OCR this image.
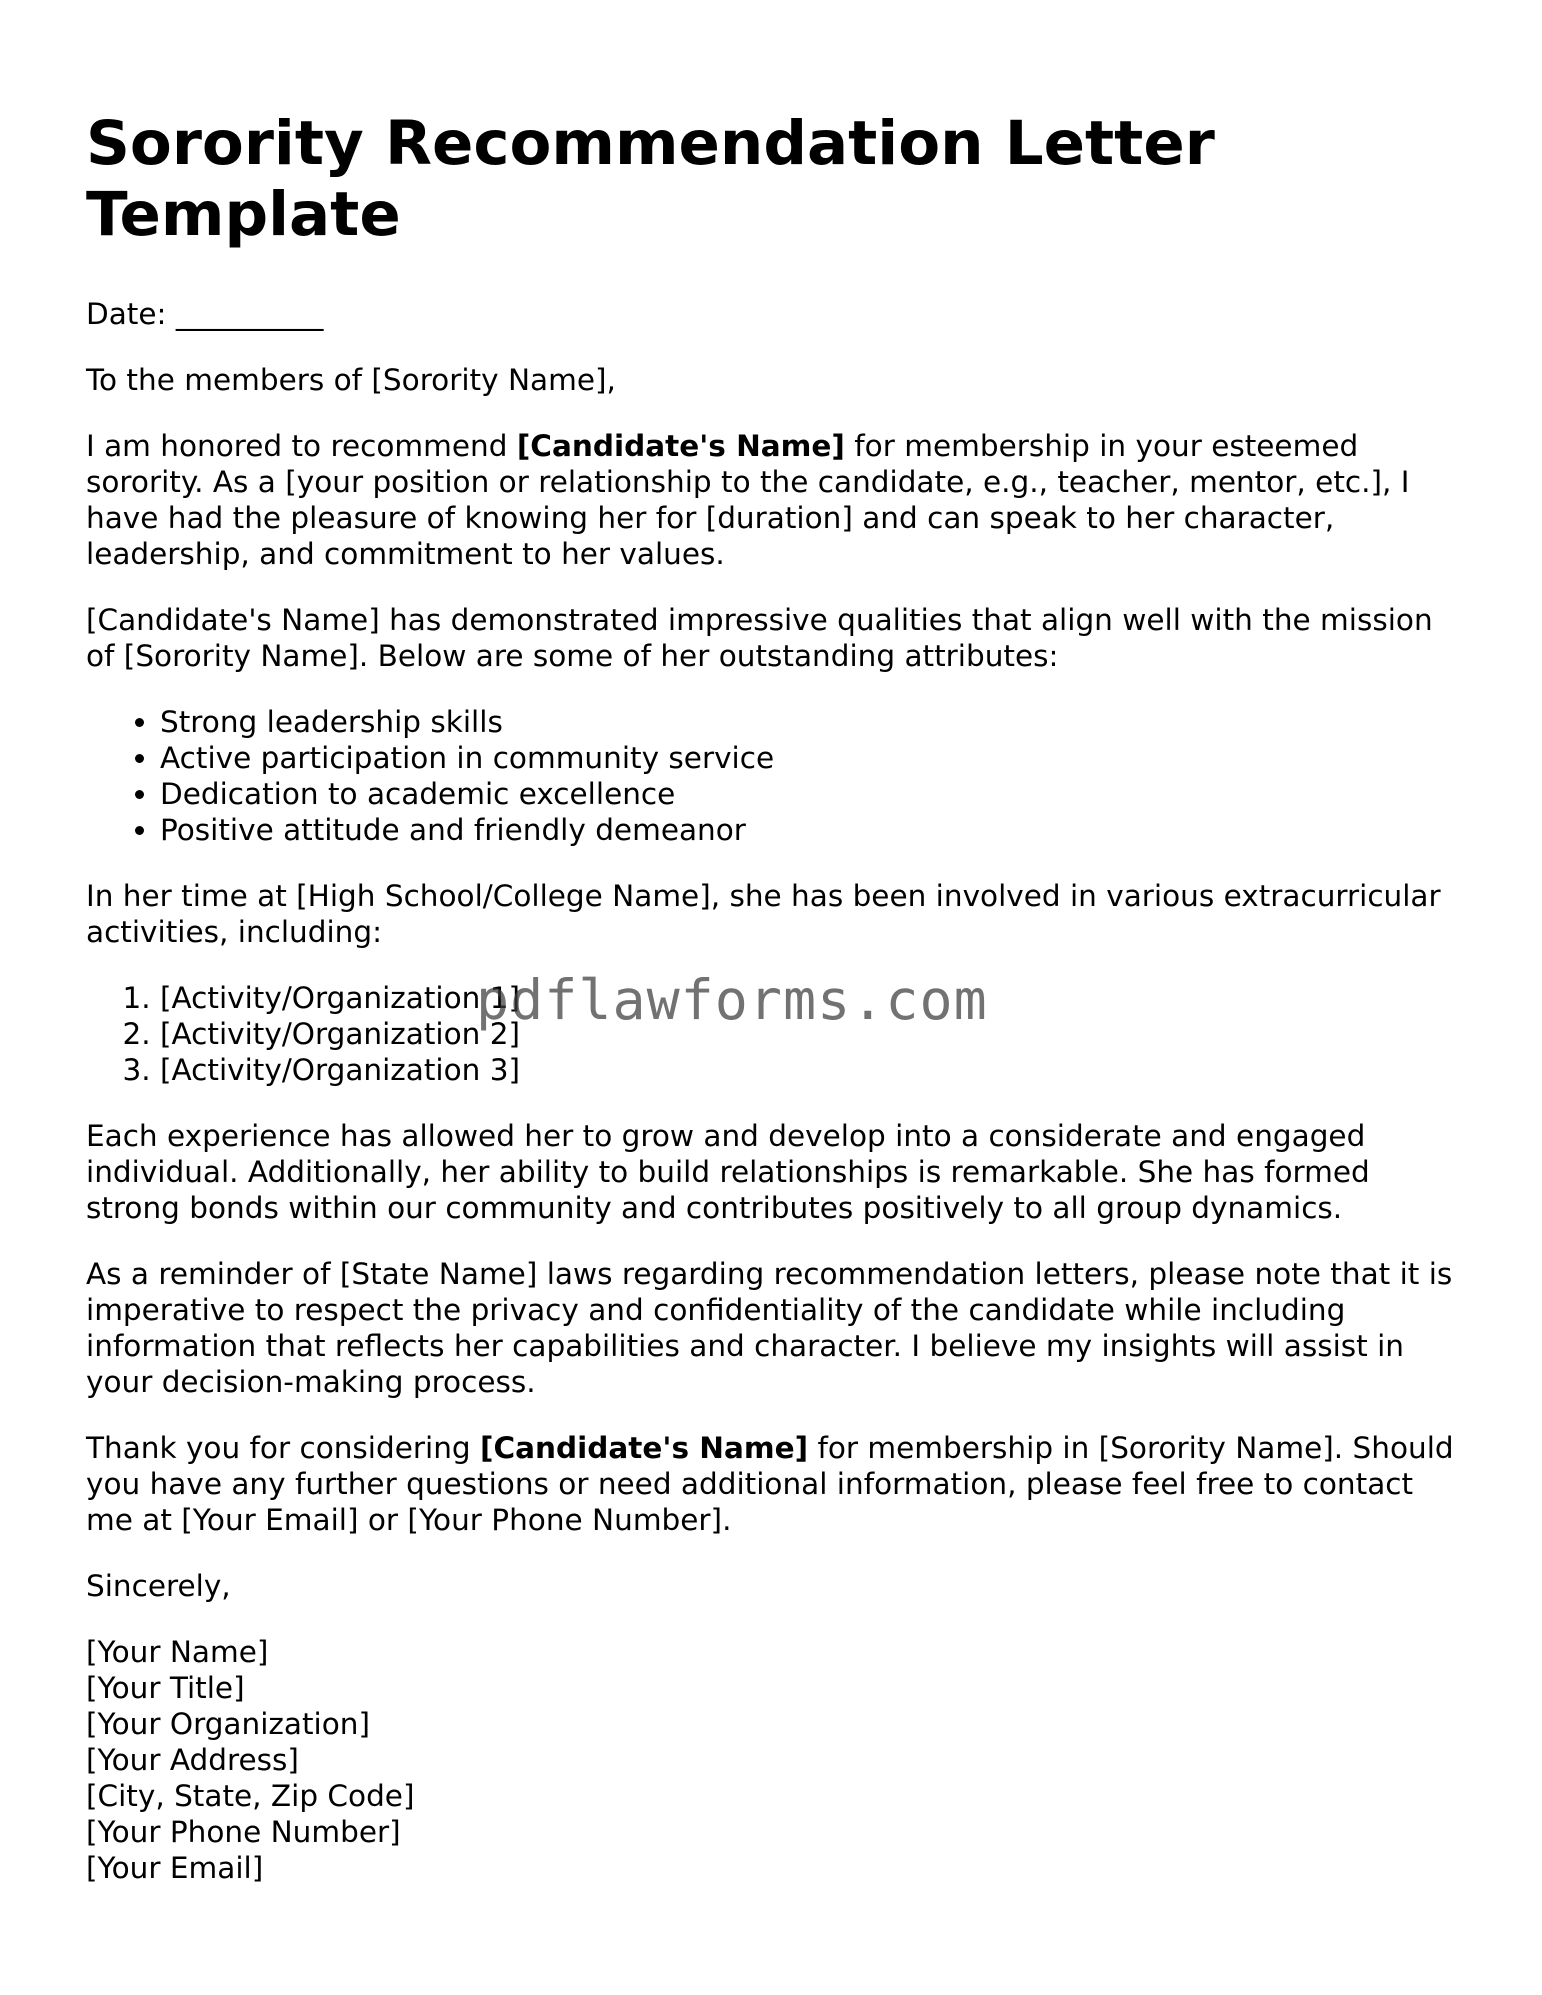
Sorority Recommendation Letter Template

Date: __________

To the members of [Sorority Name],

I am honored to recommend [Candidate's Name] for membership in your esteemed sorority. As a [your position or relationship to the candidate, e.g., teacher, mentor, etc.], I have had the pleasure of knowing her for [duration] and can speak to her character, leadership, and commitment to her values.

[Candidate's Name] has demonstrated impressive qualities that align well with the mission of [Sorority Name]. Below are some of her outstanding attributes:

• Strong leadership skills
• Active participation in community service
• Dedication to academic excellence
• Positive attitude and friendly demeanor

In her time at [High School/College Name], she has been involved in various extracurricular activities, including:

1. [Activity/Organization 1]
2. [Activity/Organization 2]
3. [Activity/Organization 3]

Each experience has allowed her to grow and develop into a considerate and engaged individual. Additionally, her ability to build relationships is remarkable. She has formed strong bonds within our community and contributes positively to all group dynamics.

As a reminder of [State Name] laws regarding recommendation letters, please note that it is imperative to respect the privacy and confidentiality of the candidate while including information that reflects her capabilities and character. I believe my insights will assist in your decision-making process.

Thank you for considering [Candidate's Name] for membership in [Sorority Name]. Should you have any further questions or need additional information, please feel free to contact me at [Your Email] or [Your Phone Number].

Sincerely,

[Your Name]
[Your Title]
[Your Organization]
[Your Address]
[City, State, Zip Code]
[Your Phone Number]
[Your Email]

pdflawforms.com
